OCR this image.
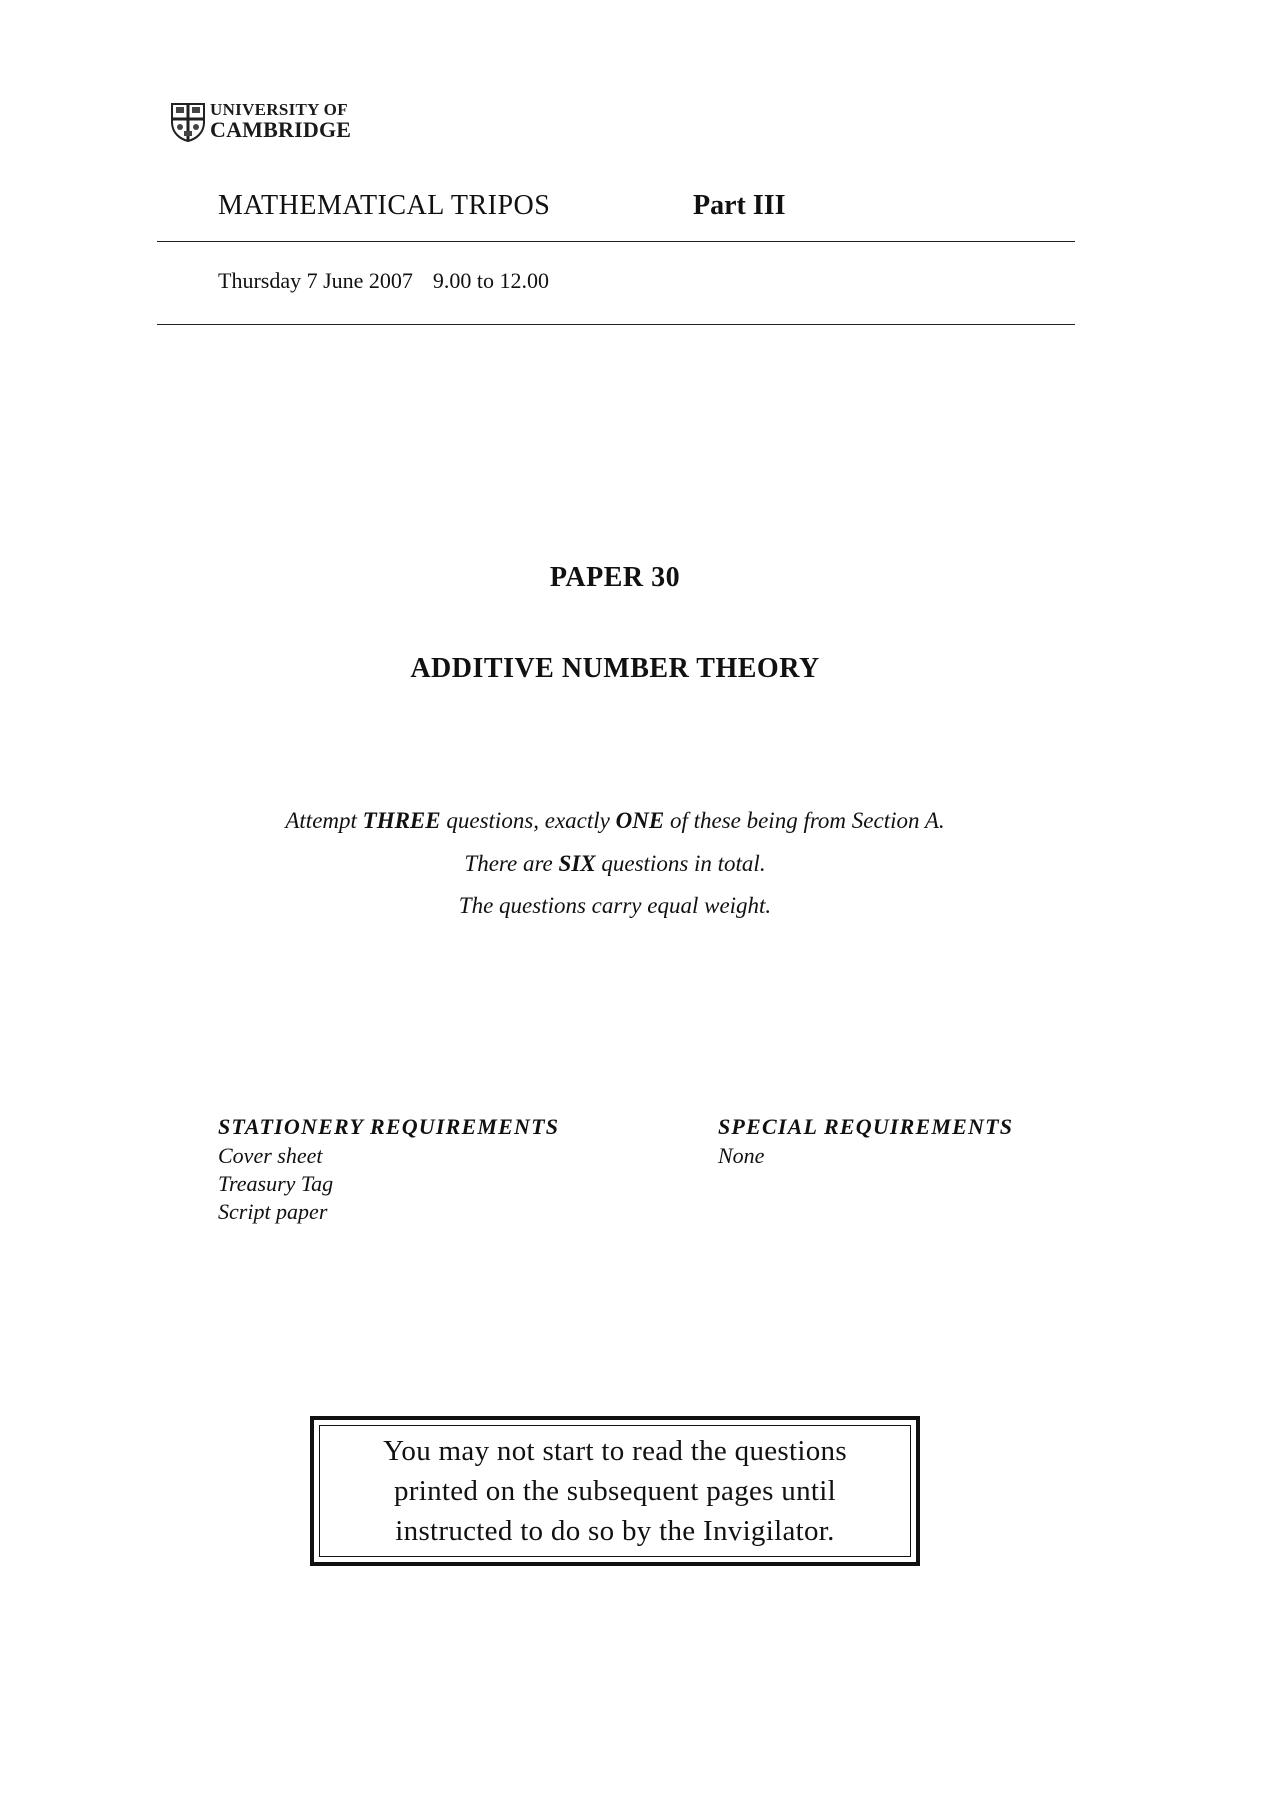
UNIVERSITY OF
CAMBRIDGE
MATHEMATICAL TRIPOS	Part III
Thursday 7 June 2007 9.00 to 12.00
PAPER 30
ADDITIVE NUMBER THEORY
Attempt THREE questions, exactly ONE of these being from Section A.
There are SIX questions in total.
The questions carry equal weight.
STATIONERY REQUIREMENTS
Cover sheet
Treasury Tag
Script paper
SPECIAL REQUIREMENTS
None
You may not start to read the questions
printed on the subsequent pages until
instructed to do so by the Invigilator.
